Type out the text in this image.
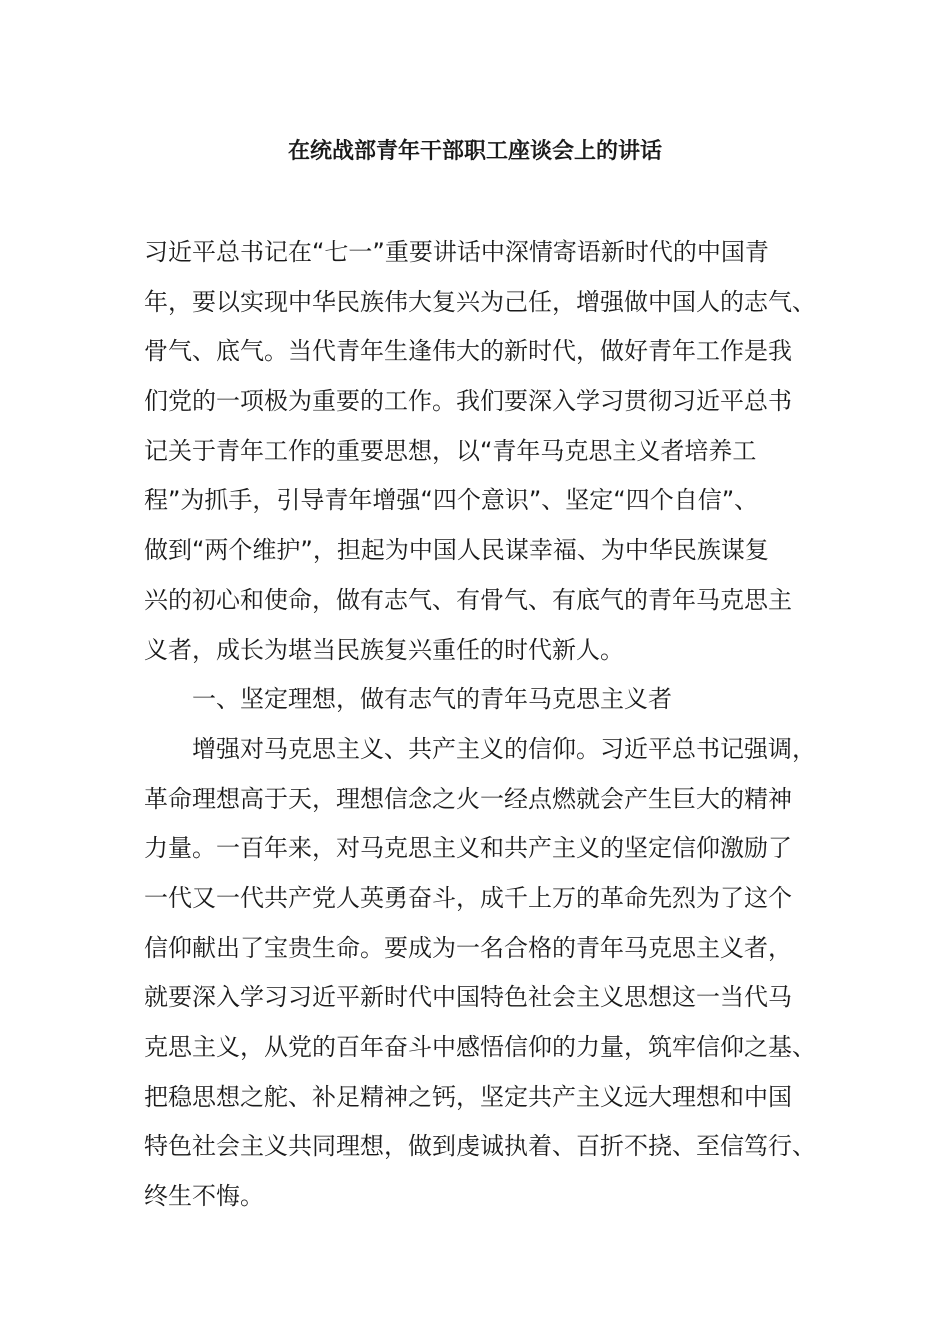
在统战部青年干部职工座谈会上的讲话
习近平总书记在“七一”重要讲话中深情寄语新时代的中国青
年，要以实现中华民族伟大复兴为己任，增强做中国人的志气、
骨气、底气。当代青年生逢伟大的新时代，做好青年工作是我
们党的一项极为重要的工作。我们要深入学习贯彻习近平总书
记关于青年工作的重要思想，以“青年马克思主义者培养工
程”为抓手，引导青年增强“四个意识”、坚定“四个自信”、
做到“两个维护”，担起为中国人民谋幸福、为中华民族谋复
兴的初心和使命，做有志气、有骨气、有底气的青年马克思主
义者，成长为堪当民族复兴重任的时代新人。
一、坚定理想，做有志气的青年马克思主义者
增强对马克思主义、共产主义的信仰。习近平总书记强调，
革命理想高于天，理想信念之火一经点燃就会产生巨大的精神
力量。一百年来，对马克思主义和共产主义的坚定信仰激励了
一代又一代共产党人英勇奋斗，成千上万的革命先烈为了这个
信仰献出了宝贵生命。要成为一名合格的青年马克思主义者，
就要深入学习习近平新时代中国特色社会主义思想这一当代马
克思主义，从党的百年奋斗中感悟信仰的力量，筑牢信仰之基、
把稳思想之舵、补足精神之钙，坚定共产主义远大理想和中国
特色社会主义共同理想，做到虔诚执着、百折不挠、至信笃行、
终生不悔。
